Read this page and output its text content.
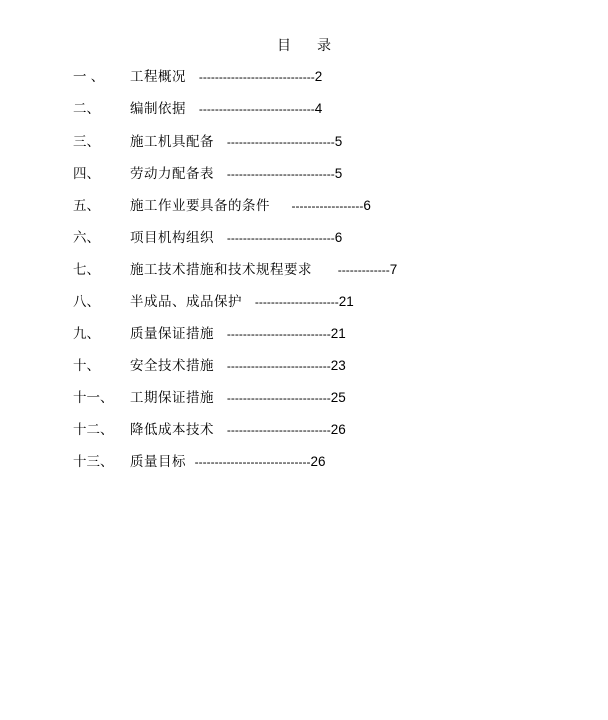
目 录
一 、 工程概况 -----------------------------2
二、 编制依据 -----------------------------4
三、 施工机具配备 ---------------------------5
四、 劳动力配备表 ---------------------------5
五、 施工作业要具备的条件 ------------------6
六、 项目机构组织 ---------------------------6
七、 施工技术措施和技术规程要求 -------------7
八、 半成品、成品保护 ---------------------21
九、 质量保证措施 --------------------------21
十、 安全技术措施 --------------------------23
十一、 工期保证措施 --------------------------25
十二、 降低成本技术 --------------------------26
十三、 质量目标 -----------------------------26
